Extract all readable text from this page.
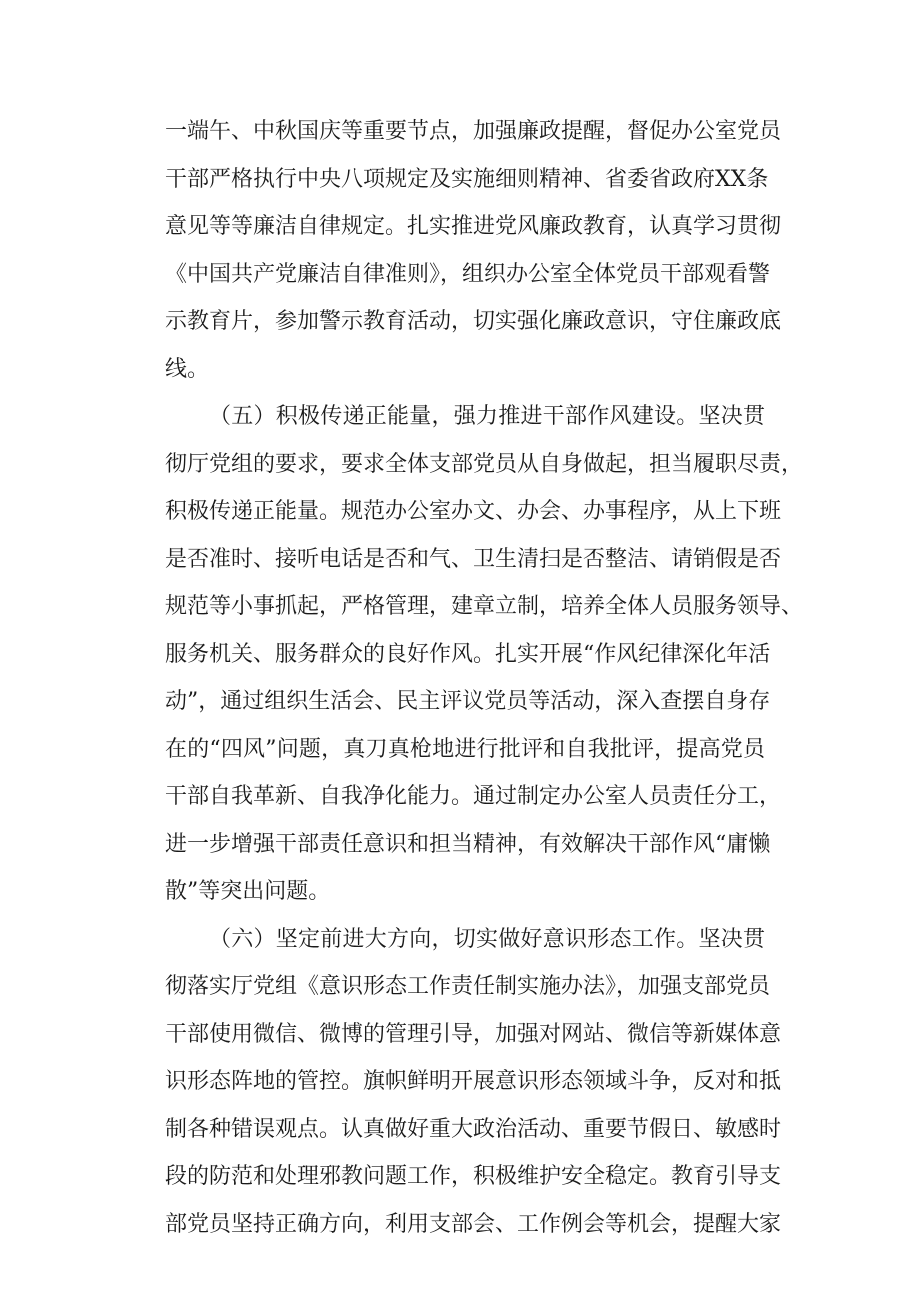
一端午、中秋国庆等重要节点，加强廉政提醒，督促办公室党员
干部严格执行中央八项规定及实施细则精神、省委省政府XX条
意见等等廉洁自律规定。扎实推进党风廉政教育，认真学习贯彻
《中国共产党廉洁自律准则》，组织办公室全体党员干部观看警
示教育片，参加警示教育活动，切实强化廉政意识，守住廉政底
线。
（五）积极传递正能量，强力推进干部作风建设。坚决贯
彻厅党组的要求，要求全体支部党员从自身做起，担当履职尽责，
积极传递正能量。规范办公室办文、办会、办事程序，从上下班
是否准时、接听电话是否和气、卫生清扫是否整洁、请销假是否
规范等小事抓起，严格管理，建章立制，培养全体人员服务领导、
服务机关、服务群众的良好作风。扎实开展“作风纪律深化年活
动”，通过组织生活会、民主评议党员等活动，深入查摆自身存
在的“四风”问题，真刀真枪地进行批评和自我批评，提高党员
干部自我革新、自我净化能力。通过制定办公室人员责任分工，
进一步增强干部责任意识和担当精神，有效解决干部作风“庸懒
散”等突出问题。
（六）坚定前进大方向，切实做好意识形态工作。坚决贯
彻落实厅党组《意识形态工作责任制实施办法》，加强支部党员
干部使用微信、微博的管理引导，加强对网站、微信等新媒体意
识形态阵地的管控。旗帜鲜明开展意识形态领域斗争，反对和抵
制各种错误观点。认真做好重大政治活动、重要节假日、敏感时
段的防范和处理邪教问题工作，积极维护安全稳定。教育引导支
部党员坚持正确方向，利用支部会、工作例会等机会，提醒大家
